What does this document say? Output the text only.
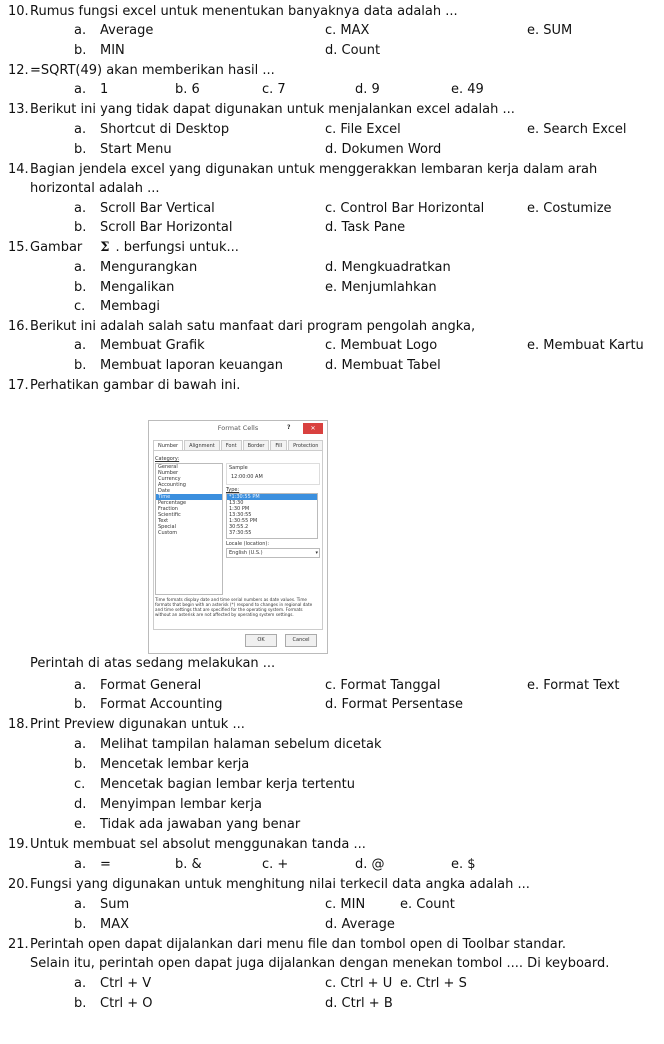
10. Rumus fungsi excel untuk menentukan banyaknya data adalah ...
a. Average	c. MAX	e. SUM
b. MIN	d. Count
12. =SQRT(49) akan memberikan hasil ...
a. 1	b. 6	c. 7	d. 9	e. 49
13. Berikut ini yang tidak dapat digunakan untuk menjalankan excel adalah ...
a. Shortcut di Desktop	c. File Excel	e. Search Excel
b. Start Menu	d. Dokumen Word
14. Bagian jendela excel yang digunakan untuk menggerakkan lembaran kerja dalam arah
horizontal adalah ...
a. Scroll Bar Vertical	c. Control Bar Horizontal	e. Costumize
b. Scroll Bar Horizontal	d. Task Pane
15. Gambar Σ . berfungsi untuk...
a. Mengurangkan	d. Mengkuadratkan
b. Mengalikan	e. Menjumlahkan
c. Membagi
16. Berikut ini adalah salah satu manfaat dari program pengolah angka,
a. Membuat Grafik	c. Membuat Logo	e. Membuat Kartu
b. Membuat laporan keuangan	d. Membuat Tabel
17. Perhatikan gambar di bawah ini.
Perintah di atas sedang melakukan ...
a. Format General	c. Format Tanggal	e. Format Text
b. Format Accounting	d. Format Persentase
18. Print Preview digunakan untuk ...
a. Melihat tampilan halaman sebelum dicetak
b. Mencetak lembar kerja
c. Mencetak bagian lembar kerja tertentu
d. Menyimpan lembar kerja
e. Tidak ada jawaban yang benar
19. Untuk membuat sel absolut menggunakan tanda ...
a. =	b. &	c. +	d. @	e. $
20. Fungsi yang digunakan untuk menghitung nilai terkecil data angka adalah ...
a. Sum	c. MIN	e. Count
b. MAX	d. Average
21. Perintah open dapat dijalankan dari menu file dan tombol open di Toolbar standar.
Selain itu, perintah open dapat juga dijalankan dengan menekan tombol .... Di keyboard.
a. Ctrl + V	c. Ctrl + U e. Ctrl + S
b. Ctrl + O	d. Ctrl + B
Format Cells	?	✕
Number	Alignment	Font	Border	Fill	Protection
Category:
General
Number
Currency
Accounting
Date
Time
Percentage
Fraction
Scientific
Text
Special
Custom
Sample
12:00:00 AM
Type:
*1:30:55 PM
13:30
1:30 PM
13:30:55
1:30:55 PM
30:55.2
37:30:55
Locale (location):
English (U.S.)	▾
Time formats display date and time serial numbers as date values. Time formats that begin with an asterisk (*) respond to changes in regional date and time settings that are specified for the operating system. Formats without an asterisk are not affected by operating system settings.
OK	Cancel
